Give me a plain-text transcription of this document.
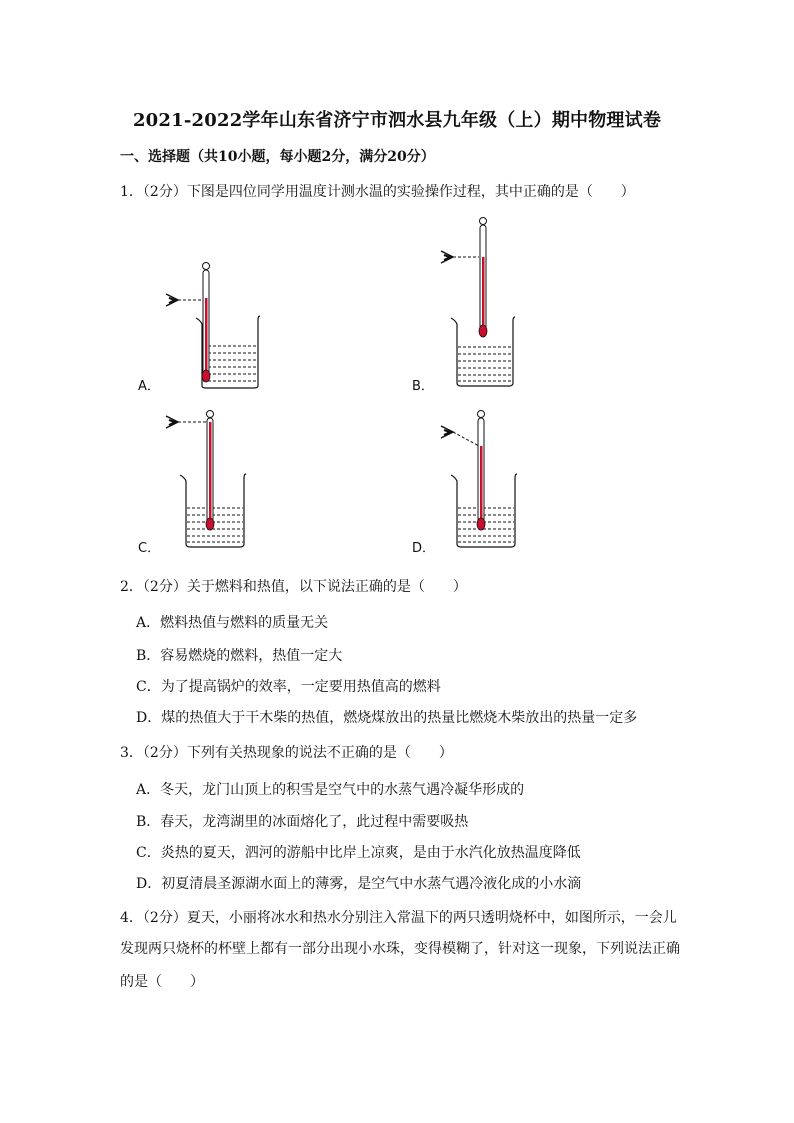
2021-2022学年山东省济宁市泗水县九年级（上）期中物理试卷
一、选择题（共10小题，每小题2分，满分20分）
1．（2分）下图是四位同学用温度计测水温的实验操作过程，其中正确的是（　　）
A．	B．
C．	D．
2．（2分）关于燃料和热值，以下说法正确的是（　　）
A．燃料热值与燃料的质量无关
B．容易燃烧的燃料，热值一定大
C．为了提高锅炉的效率，一定要用热值高的燃料
D．煤的热值大于干木柴的热值，燃烧煤放出的热量比燃烧木柴放出的热量一定多
3．（2分）下列有关热现象的说法不正确的是（　　）
A．冬天，龙门山顶上的积雪是空气中的水蒸气遇冷凝华形成的
B．春天，龙湾湖里的冰面熔化了，此过程中需要吸热
C．炎热的夏天，泗河的游船中比岸上凉爽，是由于水汽化放热温度降低
D．初夏清晨圣源湖水面上的薄雾，是空气中水蒸气遇冷液化成的小水滴
4．（2分）夏天，小丽将冰水和热水分别注入常温下的两只透明烧杯中，如图所示，一会儿
发现两只烧杯的杯壁上都有一部分出现小水珠，变得模糊了，针对这一现象，下列说法正确
的是（　　）
